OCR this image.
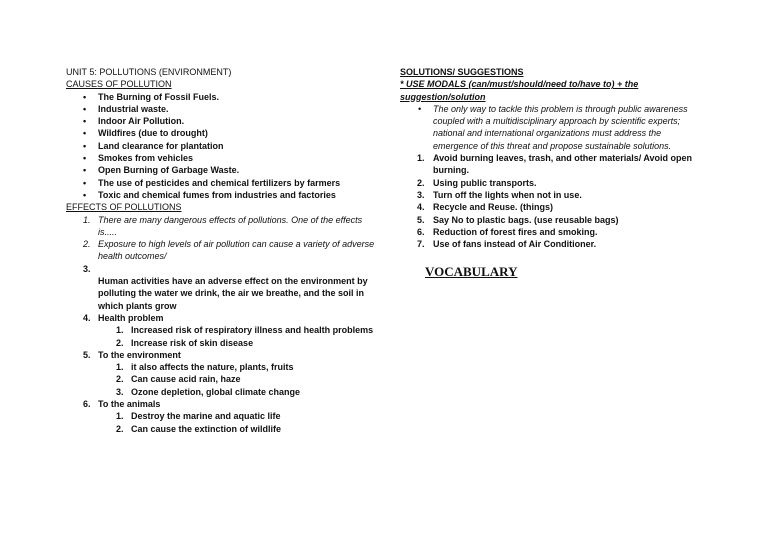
UNIT 5: POLLUTIONS (ENVIRONMENT)
CAUSES OF POLLUTION
• The Burning of Fossil Fuels.
• Industrial waste.
• Indoor Air Pollution.
• Wildfires (due to drought)
• Land clearance for plantation
• Smokes from vehicles
• Open Burning of Garbage Waste.
• The use of pesticides and chemical fertilizers by farmers
• Toxic and chemical fumes from industries and factories
EFFECTS OF POLLUTIONS
1. There are many dangerous effects of pollutions. One of the effects is.....
2. Exposure to high levels of air pollution can cause a variety of adverse health outcomes/
3.
Human activities have an adverse effect on the environment by polluting the water we drink, the air we breathe, and the soil in which plants grow
4. Health problem
1. Increased risk of respiratory illness and health problems
2. Increase risk of skin disease
5. To the environment
1. it also affects the nature, plants, fruits
2. Can cause acid rain, haze
3. Ozone depletion, global climate change
6. To the animals
1. Destroy the marine and aquatic life
2. Can cause the extinction of wildlife
SOLUTIONS/ SUGGESTIONS
* USE MODALS (can/must/should/need to/have to) + the suggestion/solution
• The only way to tackle this problem is through public awareness coupled with a multidisciplinary approach by scientific experts; national and international organizations must address the emergence of this threat and propose sustainable solutions.
1. Avoid burning leaves, trash, and other materials/ Avoid open burning.
2. Using public transports.
3. Turn off the lights when not in use.
4. Recycle and Reuse. (things)
5. Say No to plastic bags. (use reusable bags)
6. Reduction of forest fires and smoking.
7. Use of fans instead of Air Conditioner.
VOCABULARY
